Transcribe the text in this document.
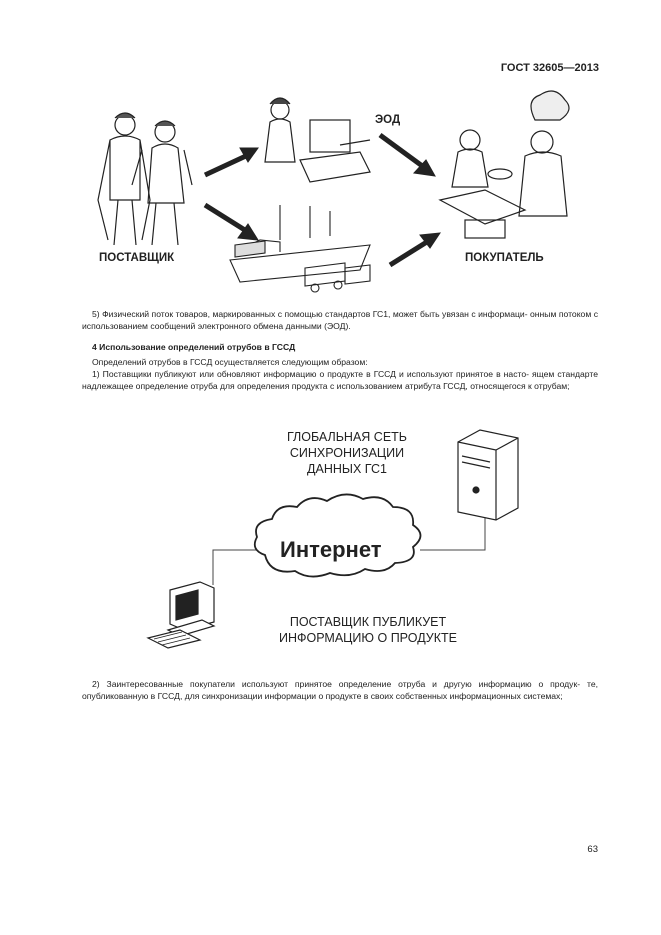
ГОСТ 32605—2013
ПОСТАВЩИК	ПОКУПАТЕЛЬ
ЭОД
5) Физический поток товаров, маркированных с помощью стандартов ГС1, может быть увязан с информаци- онным потоком с использованием сообщений электронного обмена данными (ЭОД).
4 Использование определений отрубов в ГССД
Определений отрубов в ГССД осуществляется следующим образом:
1) Поставщики публикуют или обновляют информацию о продукте в ГССД и используют принятое в насто- ящем стандарте надлежащее определение отруба для определения продукта с использованием атрибута ГССД, относящегося к отрубам;
ГЛОБАЛЬНАЯ СЕТЬ
СИНХРОНИЗАЦИИ
ДАННЫХ ГС1
Интернет
ПОСТАВЩИК ПУБЛИКУЕТ
ИНФОРМАЦИЮ О ПРОДУКТЕ
2) Заинтересованные покупатели используют принятое определение отруба и другую информацию о продук- те, опубликованную в ГССД, для синхронизации информации о продукте в своих собственных информационных системах;
63
